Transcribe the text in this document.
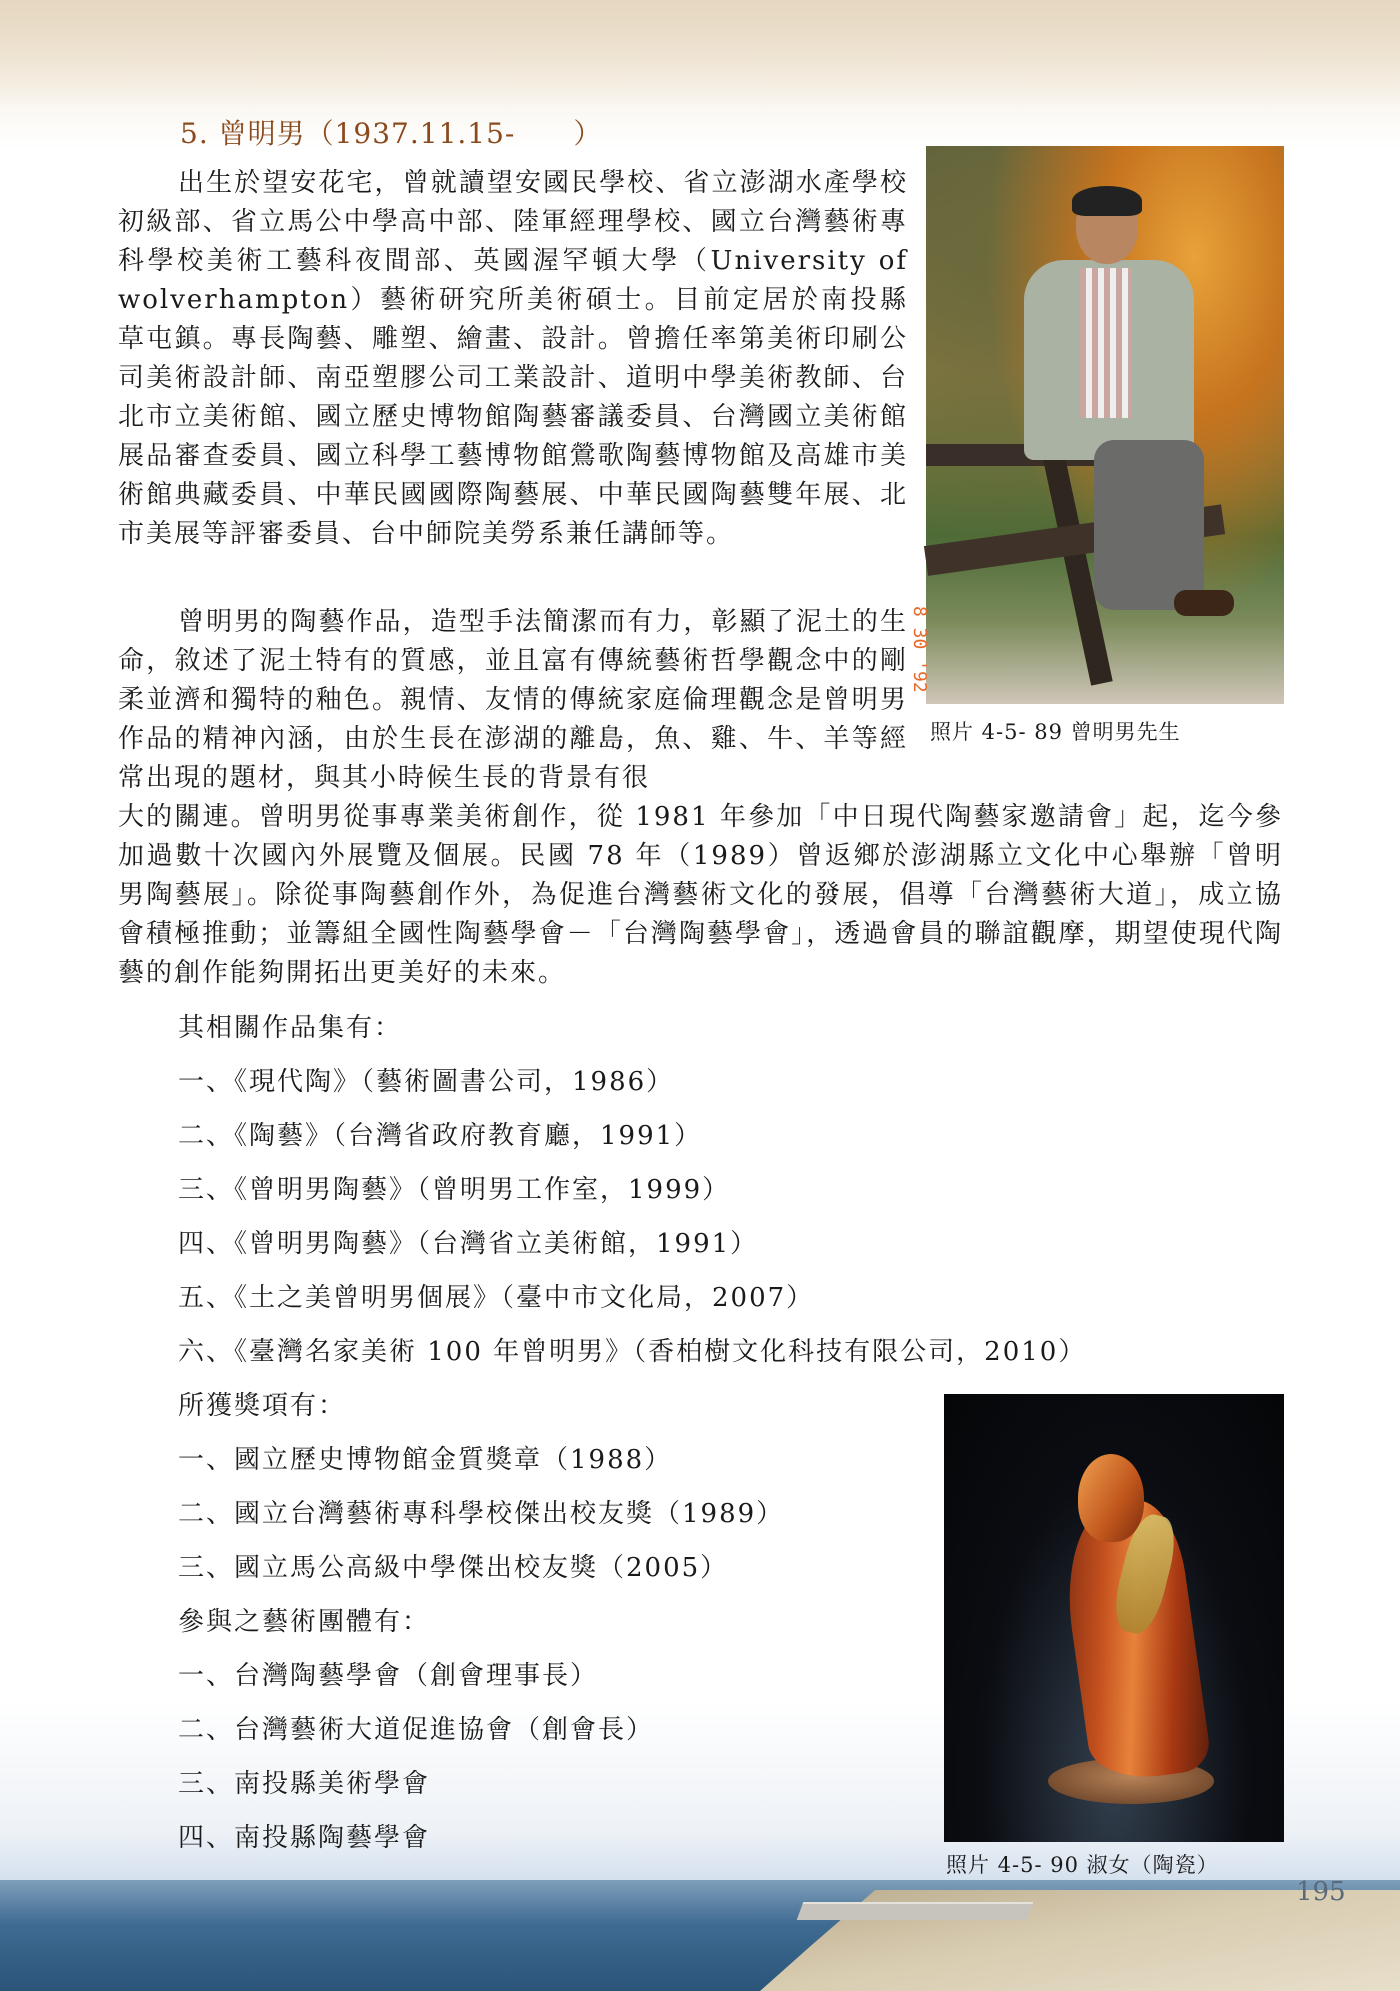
5. 曾明男（1937.11.15-　　）

出生於望安花宅，曾就讀望安國民學校、省立澎湖水產學校初級部、省立馬公中學高中部、陸軍經理學校、國立台灣藝術專科學校美術工藝科夜間部、英國渥罕頓大學（University of wolverhampton）藝術研究所美術碩士。目前定居於南投縣草屯鎮。專長陶藝、雕塑、繪畫、設計。曾擔任率第美術印刷公司美術設計師、南亞塑膠公司工業設計、道明中學美術教師、台北市立美術館、國立歷史博物館陶藝審議委員、台灣國立美術館展品審查委員、國立科學工藝博物館鶯歌陶藝博物館及高雄市美術館典藏委員、中華民國國際陶藝展、中華民國陶藝雙年展、北市美展等評審委員、台中師院美勞系兼任講師等。

曾明男的陶藝作品，造型手法簡潔而有力，彰顯了泥土的生命，敘述了泥土特有的質感，並且富有傳統藝術哲學觀念中的剛柔並濟和獨特的釉色。親情、友情的傳統家庭倫理觀念是曾明男作品的精神內涵，由於生長在澎湖的離島，魚、雞、牛、羊等經常出現的題材，與其小時候生長的背景有很

大的關連。曾明男從事專業美術創作，從 1981 年參加「中日現代陶藝家邀請會」起，迄今參加過數十次國內外展覽及個展。民國 78 年（1989）曾返鄉於澎湖縣立文化中心舉辦「曾明男陶藝展」。除從事陶藝創作外，為促進台灣藝術文化的發展，倡導「台灣藝術大道」，成立協會積極推動；並籌組全國性陶藝學會－「台灣陶藝學會」，透過會員的聯誼觀摩，期望使現代陶藝的創作能夠開拓出更美好的未來。

其相關作品集有：
一、《現代陶》（藝術圖書公司，1986）
二、《陶藝》（台灣省政府教育廳，1991）
三、《曾明男陶藝》（曾明男工作室，1999）
四、《曾明男陶藝》（台灣省立美術館，1991）
五、《土之美曾明男個展》（臺中市文化局，2007）
六、《臺灣名家美術 100 年曾明男》（香柏樹文化科技有限公司，2010）
所獲獎項有：
一、國立歷史博物館金質獎章（1988）
二、國立台灣藝術專科學校傑出校友獎（1989）
三、國立馬公高級中學傑出校友獎（2005）
參與之藝術團體有：
一、台灣陶藝學會（創會理事長）
二、台灣藝術大道促進協會（創會長）
三、南投縣美術學會
四、南投縣陶藝學會
8 30 '92
照片 4-5- 89 曾明男先生
照片 4-5- 90 淑女（陶瓷）
195
